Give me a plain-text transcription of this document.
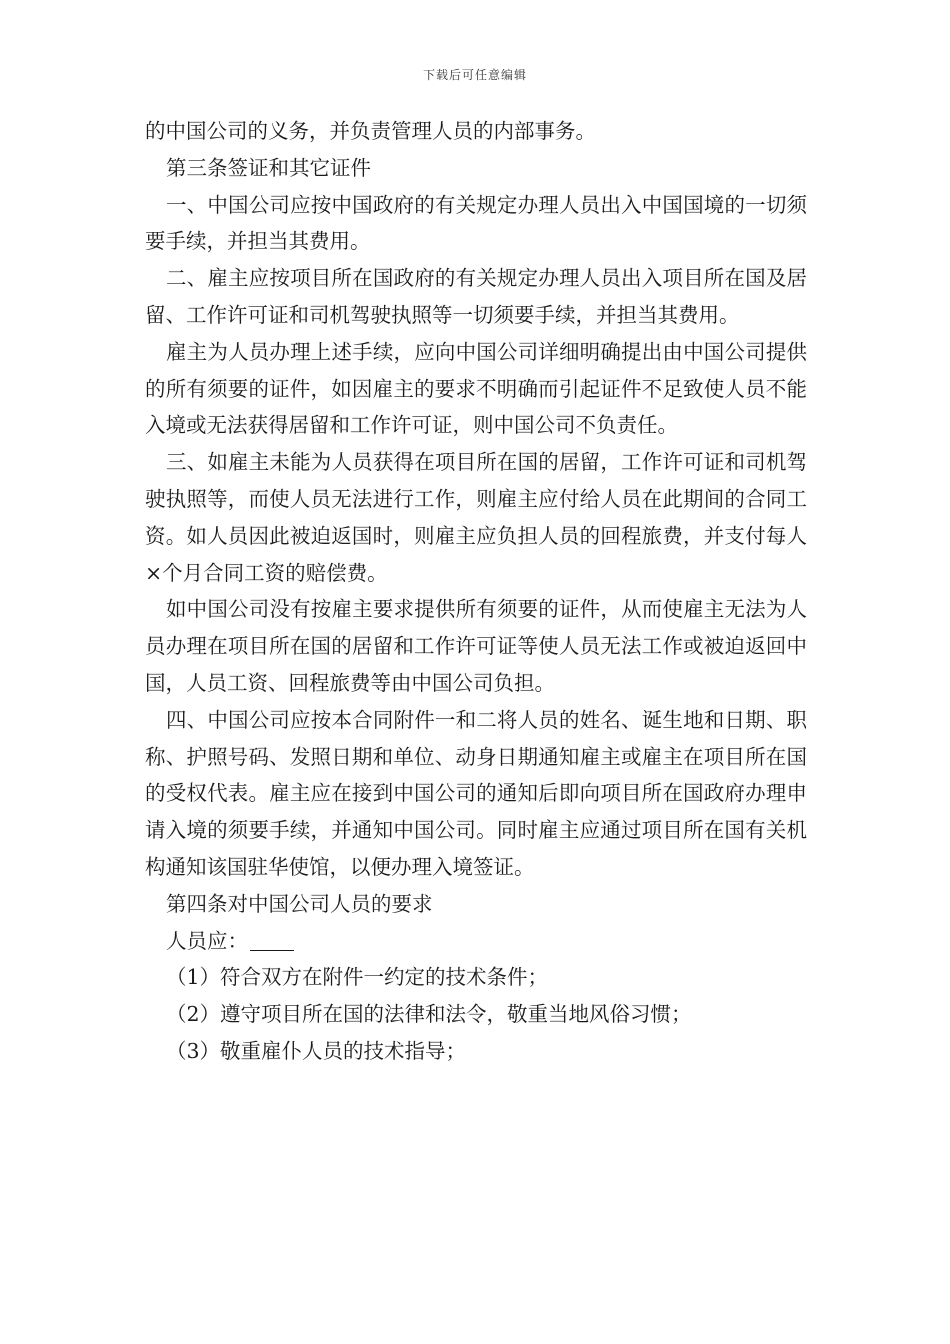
下载后可任意编辑

的中国公司的义务，并负责管理人员的内部事务。

第三条签证和其它证件

一、中国公司应按中国政府的有关规定办理人员出入中国国境的一切须要手续，并担当其费用。

二、雇主应按项目所在国政府的有关规定办理人员出入项目所在国及居留、工作许可证和司机驾驶执照等一切须要手续，并担当其费用。

雇主为人员办理上述手续，应向中国公司详细明确提出由中国公司提供的所有须要的证件，如因雇主的要求不明确而引起证件不足致使人员不能入境或无法获得居留和工作许可证，则中国公司不负责任。

三、如雇主未能为人员获得在项目所在国的居留，工作许可证和司机驾驶执照等，而使人员无法进行工作，则雇主应付给人员在此期间的合同工资。如人员因此被迫返国时，则雇主应负担人员的回程旅费，并支付每人×个月合同工资的赔偿费。

如中国公司没有按雇主要求提供所有须要的证件，从而使雇主无法为人员办理在项目所在国的居留和工作许可证等使人员无法工作或被迫返回中国，人员工资、回程旅费等由中国公司负担。

四、中国公司应按本合同附件一和二将人员的姓名、诞生地和日期、职称、护照号码、发照日期和单位、动身日期通知雇主或雇主在项目所在国的受权代表。雇主应在接到中国公司的通知后即向项目所在国政府办理申请入境的须要手续，并通知中国公司。同时雇主应通过项目所在国有关机构通知该国驻华使馆，以便办理入境签证。

第四条对中国公司人员的要求

人员应：

（1）符合双方在附件一约定的技术条件；

（2）遵守项目所在国的法律和法令，敬重当地风俗习惯；

（3）敬重雇仆人员的技术指导；
